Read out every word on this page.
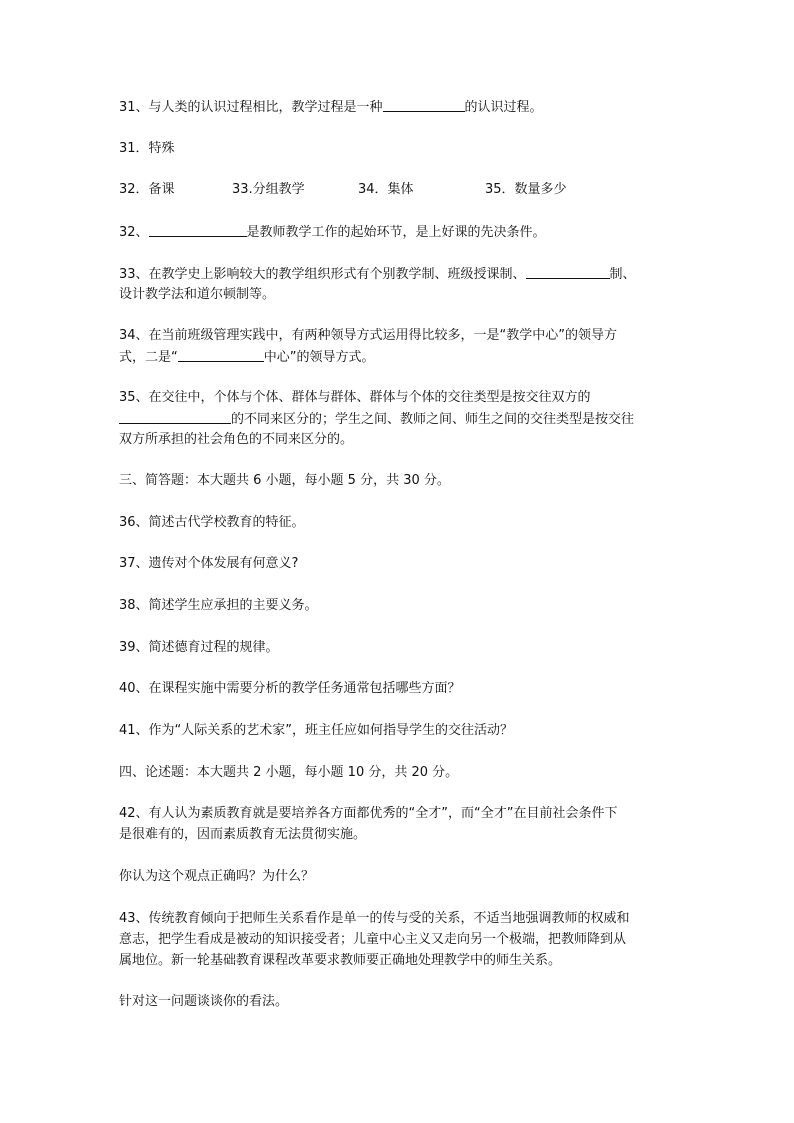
31、与人类的认识过程相比，教学过程是一种	的认识过程。
31．特殊
32．备课	33.分组教学	34．集体	35．数量多少
32、	是教师教学工作的起始环节，是上好课的先决条件。
33、在教学史上影响较大的教学组织形式有个别教学制、班级授课制、	制、
设计教学法和道尔顿制等。
34、在当前班级管理实践中，有两种领导方式运用得比较多，一是“教学中心”的领导方
式，二是“	中心”的领导方式。
35、在交往中，个体与个体、群体与群体、群体与个体的交往类型是按交往双方的
的不同来区分的；学生之间、教师之间、师生之间的交往类型是按交往
双方所承担的社会角色的不同来区分的。
三、简答题：本大题共 6 小题，每小题 5 分，共 30 分。
36、简述古代学校教育的特征。
37、遗传对个体发展有何意义?
38、简述学生应承担的主要义务。
39、简述德育过程的规律。
40、在课程实施中需要分析的教学任务通常包括哪些方面？
41、作为“人际关系的艺术家”，班主任应如何指导学生的交往活动？
四、论述题：本大题共 2 小题，每小题 10 分，共 20 分。
42、有人认为素质教育就是要培养各方面都优秀的“全才”，而“全才”在目前社会条件下
是很难有的，因而素质教育无法贯彻实施。
你认为这个观点正确吗？为什么？
43、传统教育倾向于把师生关系看作是单一的传与受的关系，不适当地强调教师的权威和
意志，把学生看成是被动的知识接受者；儿童中心主义又走向另一个极端，把教师降到从
属地位。新一轮基础教育课程改革要求教师要正确地处理教学中的师生关系。
针对这一问题谈谈你的看法。
